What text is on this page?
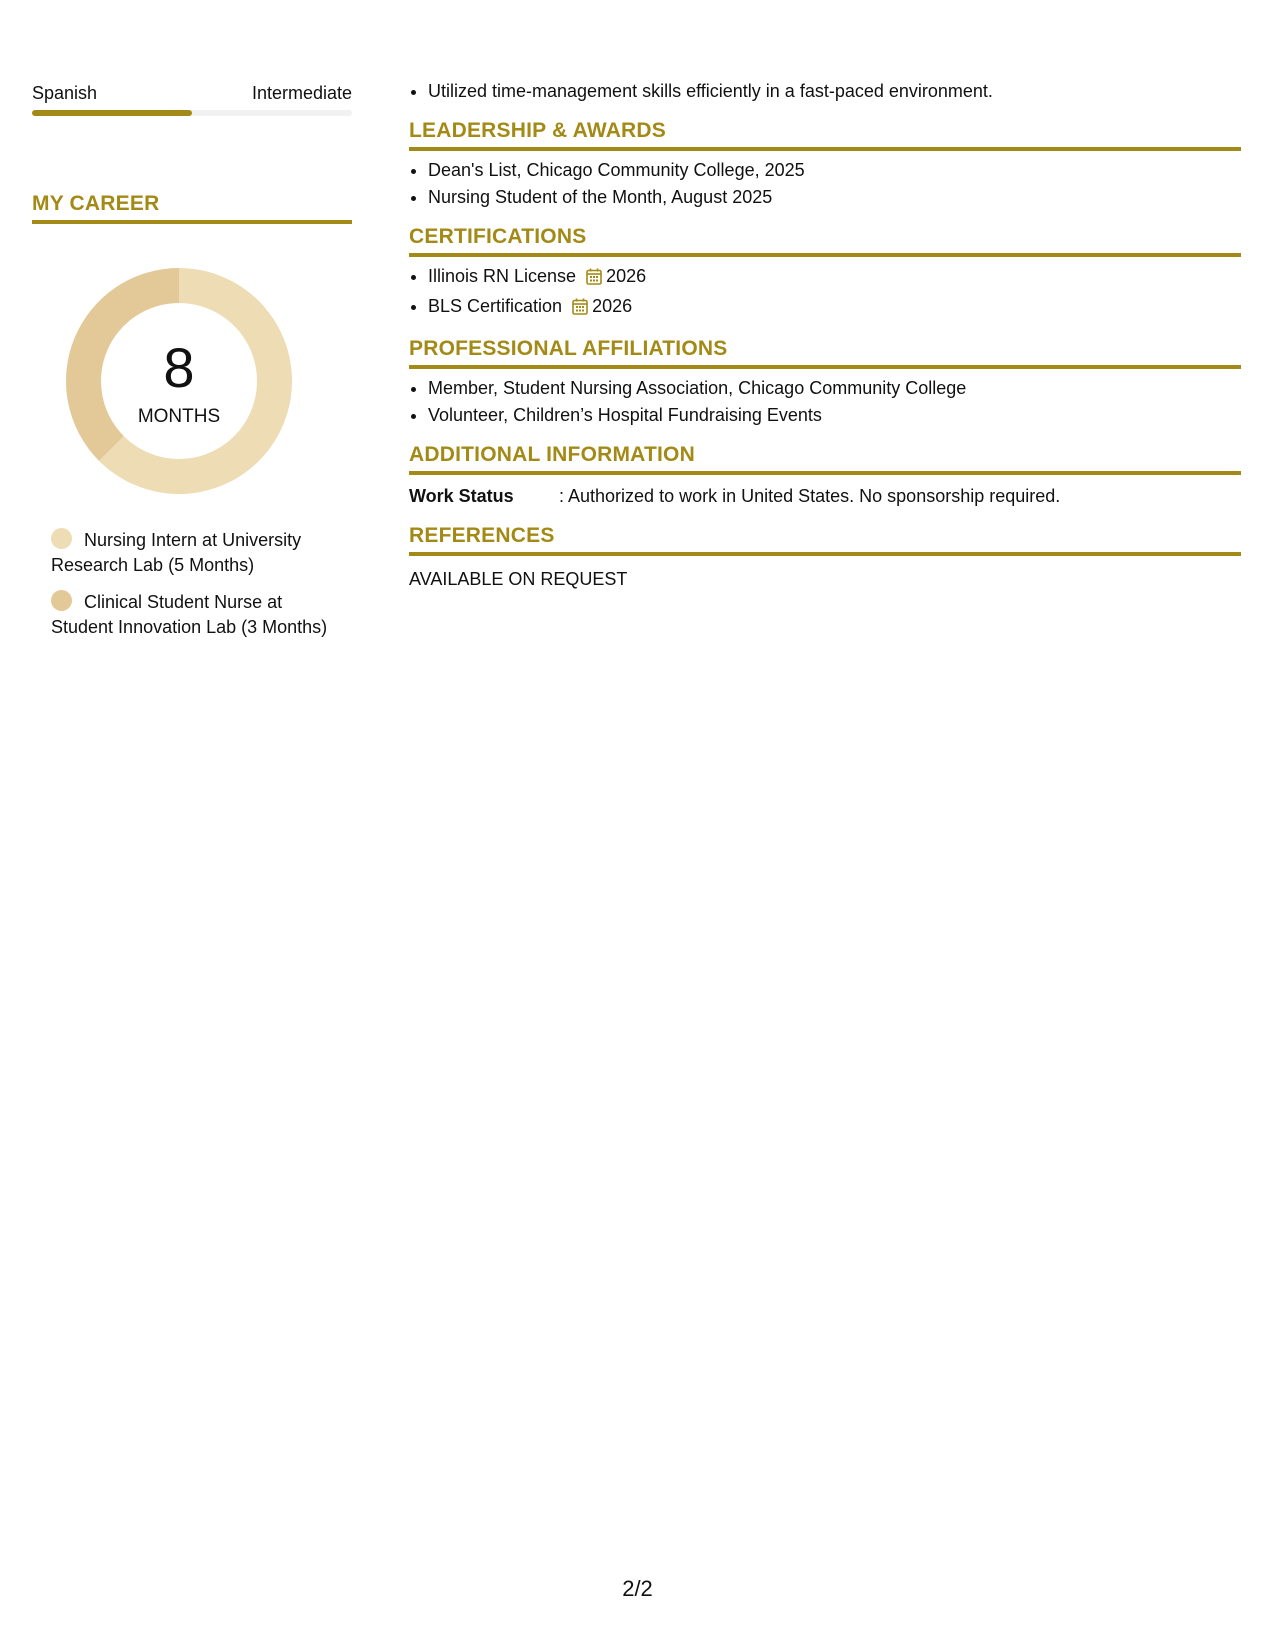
Spanish	Intermediate
MY CAREER
8
MONTHS
Nursing Intern at University Research Lab (5 Months)
Clinical Student Nurse at Student Innovation Lab (3 Months)
• Utilized time-management skills efficiently in a fast-paced environment.
LEADERSHIP & AWARDS
• Dean's List, Chicago Community College, 2025
• Nursing Student of the Month, August 2025
CERTIFICATIONS
• Illinois RN License 2026
• BLS Certification 2026
PROFESSIONAL AFFILIATIONS
• Member, Student Nursing Association, Chicago Community College
• Volunteer, Children’s Hospital Fundraising Events
ADDITIONAL INFORMATION
Work Status	: Authorized to work in United States. No sponsorship required.
REFERENCES
AVAILABLE ON REQUEST
2/2
